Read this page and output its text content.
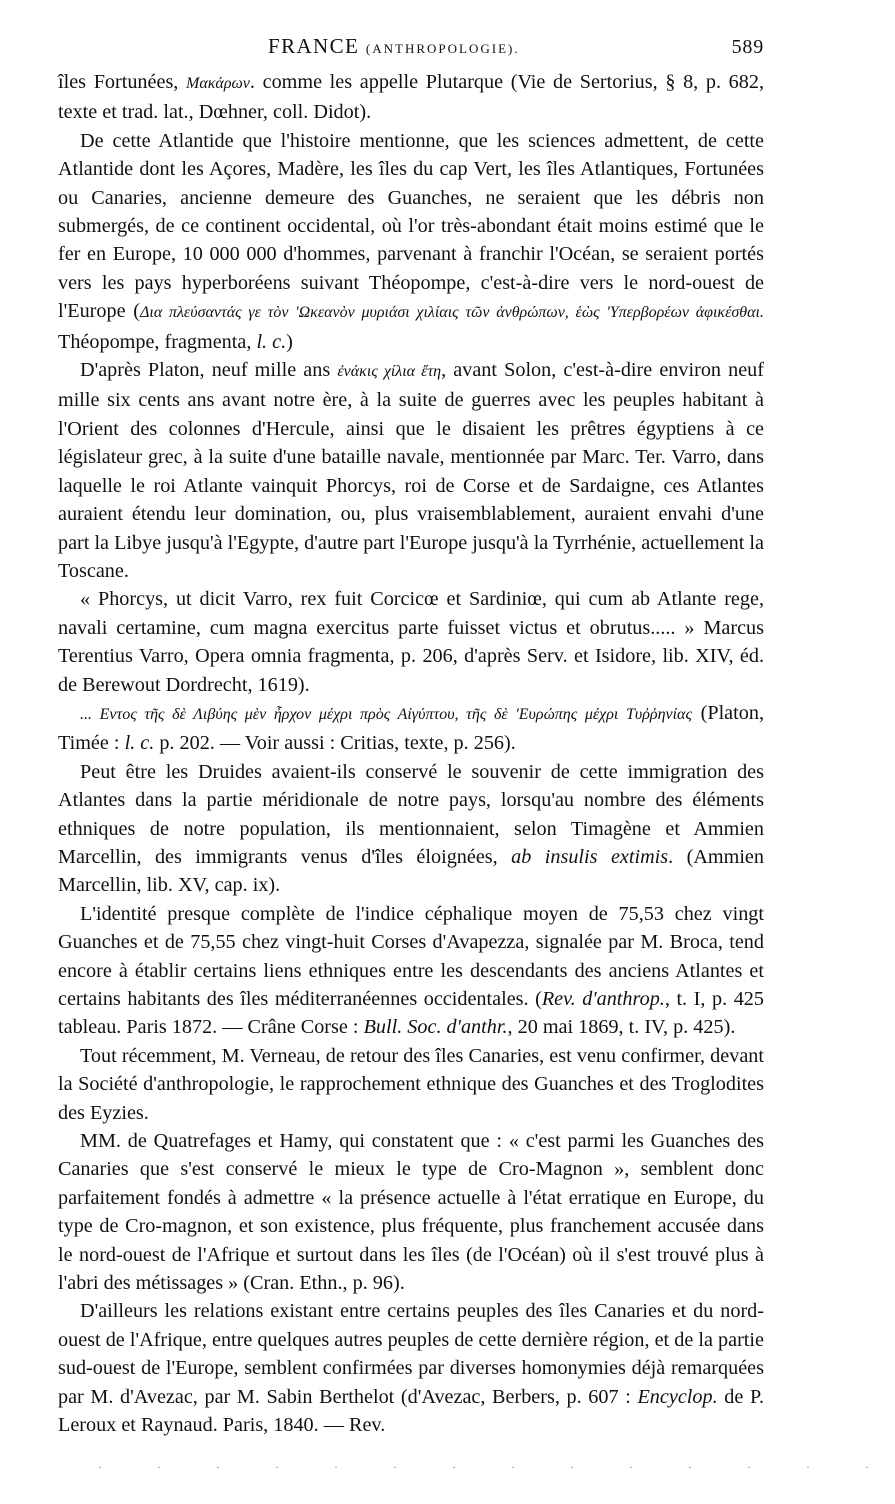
FRANCE (ANTHROPOLOGIE).	589

îles Fortunées, Μακάρων. comme les appelle Plutarque (Vie de Sertorius, § 8, p. 682, texte et trad. lat., Dœhner, coll. Didot).

De cette Atlantide que l'histoire mentionne, que les sciences admettent, de cette Atlantide dont les Açores, Madère, les îles du cap Vert, les îles Atlantiques, Fortunées ou Canaries, ancienne demeure des Guanches, ne seraient que les débris non submergés, de ce continent occidental, où l'or très-abondant était moins estimé que le fer en Europe, 10 000 000 d'hommes, parvenant à franchir l'Océan, se seraient portés vers les pays hyperboréens suivant Théopompe, c'est-à-dire vers le nord-ouest de l'Europe (Δια πλεύσαντάς γε τὸν 'Ωκεανὸν μυριάσι χιλίαις τῶν ἀνθρώπων, ἑὼς 'Υπερβορέων ἀφικέσθαι. Théopompe, fragmenta, l. c.)

D'après Platon, neuf mille ans ἐνάκις χίλια ἔτη, avant Solon, c'est-à-dire environ neuf mille six cents ans avant notre ère, à la suite de guerres avec les peuples habitant à l'Orient des colonnes d'Hercule, ainsi que le disaient les prêtres égyptiens à ce législateur grec, à la suite d'une bataille navale, mentionnée par Marc. Ter. Varro, dans laquelle le roi Atlante vainquit Phorcys, roi de Corse et de Sardaigne, ces Atlantes auraient étendu leur domination, ou, plus vraisemblablement, auraient envahi d'une part la Libye jusqu'à l'Egypte, d'autre part l'Europe jusqu'à la Tyrrhénie, actuellement la Toscane.

« Phorcys, ut dicit Varro, rex fuit Corcicœ et Sardiniœ, qui cum ab Atlante rege, navali certamine, cum magna exercitus parte fuisset victus et obrutus..... » Marcus Terentius Varro, Opera omnia fragmenta, p. 206, d'après Serv. et Isidore, lib. XIV, éd. de Berewout Dordrecht, 1619).

... Εντος τῆς δὲ Λιβύης μὲν ἦρχον μέχρι πρὸς Αἰγύπτου, τῆς δὲ 'Ευρώπης μέχρι Τυῤῥηνίας (Platon, Timée : l. c. p. 202. — Voir aussi : Critias, texte, p. 256).

Peut être les Druides avaient-ils conservé le souvenir de cette immigration des Atlantes dans la partie méridionale de notre pays, lorsqu'au nombre des éléments ethniques de notre population, ils mentionnaient, selon Timagène et Ammien Marcellin, des immigrants venus d'îles éloignées, ab insulis extimis. (Ammien Marcellin, lib. XV, cap. ix).

L'identité presque complète de l'indice céphalique moyen de 75,53 chez vingt Guanches et de 75,55 chez vingt-huit Corses d'Avapezza, signalée par M. Broca, tend encore à établir certains liens ethniques entre les descendants des anciens Atlantes et certains habitants des îles méditerranéennes occidentales. (Rev. d'anthrop., t. I, p. 425 tableau. Paris 1872. — Crâne Corse : Bull. Soc. d'anthr., 20 mai 1869, t. IV, p. 425).

Tout récemment, M. Verneau, de retour des îles Canaries, est venu confirmer, devant la Société d'anthropologie, le rapprochement ethnique des Guanches et des Troglodites des Eyzies.

MM. de Quatrefages et Hamy, qui constatent que : « c'est parmi les Guanches des Canaries que s'est conservé le mieux le type de Cro-Magnon », semblent donc parfaitement fondés à admettre « la présence actuelle à l'état erratique en Europe, du type de Cro-magnon, et son existence, plus fréquente, plus franchement accusée dans le nord-ouest de l'Afrique et surtout dans les îles (de l'Océan) où il s'est trouvé plus à l'abri des métissages » (Cran. Ethn., p. 96).

D'ailleurs les relations existant entre certains peuples des îles Canaries et du nord-ouest de l'Afrique, entre quelques autres peuples de cette dernière région, et de la partie sud-ouest de l'Europe, semblent confirmées par diverses homonymies déjà remarquées par M. d'Avezac, par M. Sabin Berthelot (d'Avezac, Berbers, p. 607 : Encyclop. de P. Leroux et Raynaud. Paris, 1840. — Rev.

· · · · · · · · · · · · · ·
